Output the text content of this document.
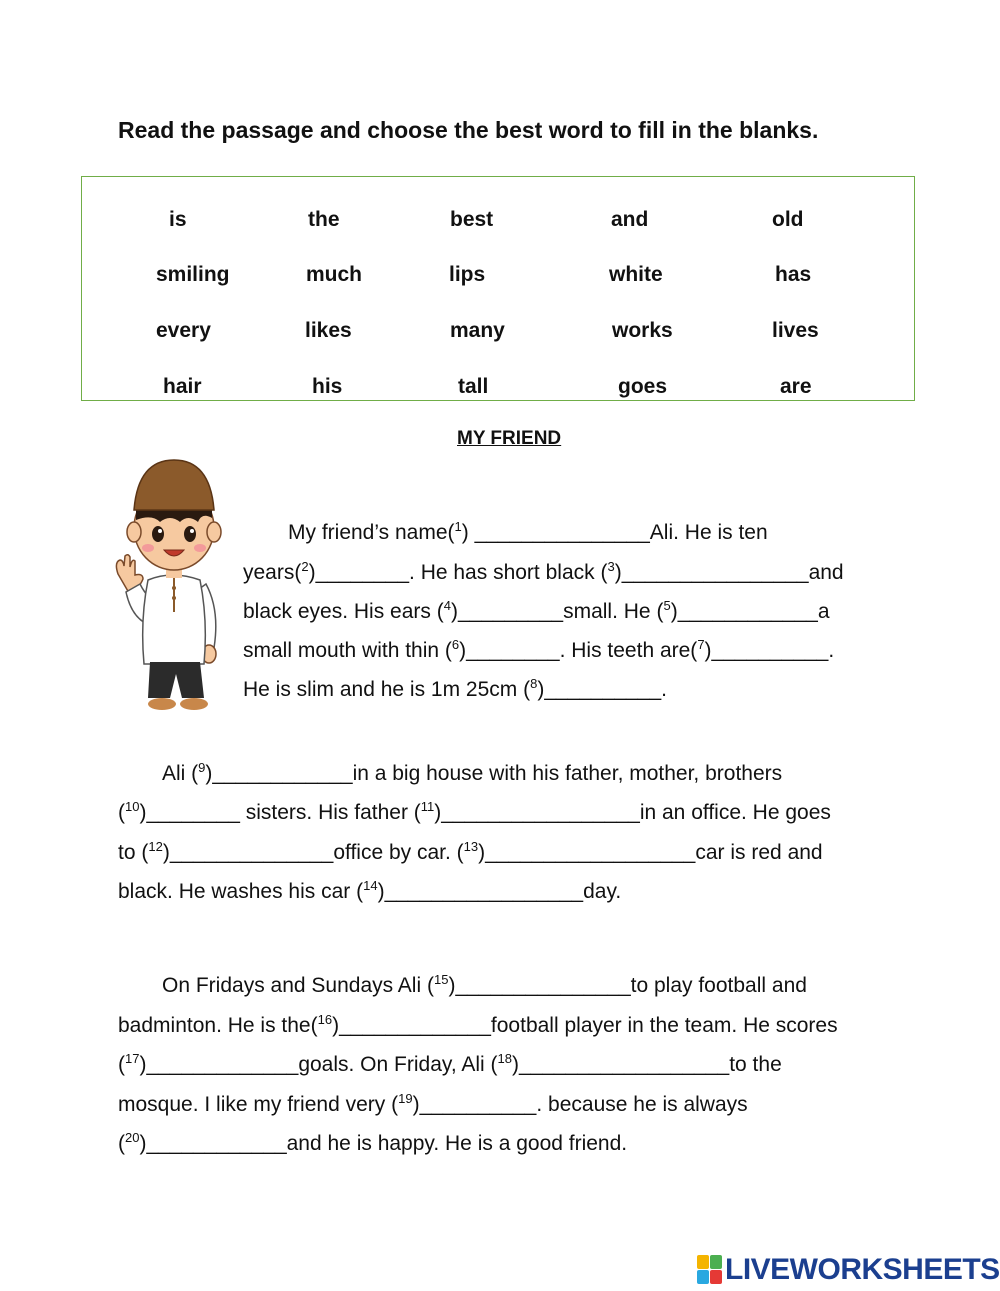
Read the passage and choose the best word to fill in the blanks.
is	the	best	and	old
smiling	much	lips	white	has
every	likes	many	works	lives
hair	his	tall	goes	are
MY FRIEND
My friend’s name($^1$) _______________Ali. He is ten
years($^2$)________. He has short black ($^3$)________________and
black eyes. His ears ($^4$)_________small. He ($^5$)____________a
small mouth with thin ($^6$)________. His teeth are($^7$)__________.
He is slim and he is 1m 25cm ($^8$)__________.
Ali ($^9$)____________in a big house with his father, mother, brothers
($^{10}$)________ sisters. His father ($^{11}$)_________________in an office. He goes
to ($^{12}$)______________office by car. ($^{13}$)__________________car is red and
black. He washes his car ($^{14}$)_________________day.
On Fridays and Sundays Ali ($^{15}$)_______________to play football and
badminton. He is the($^{16}$)_____________football player in the team. He scores
($^{17}$)_____________goals. On Friday, Ali ($^{18}$)__________________to the
mosque. I like my friend very ($^{19}$)__________. because he is always
($^{20}$)____________and he is happy. He is a good friend.
LIVEWORKSHEETS
